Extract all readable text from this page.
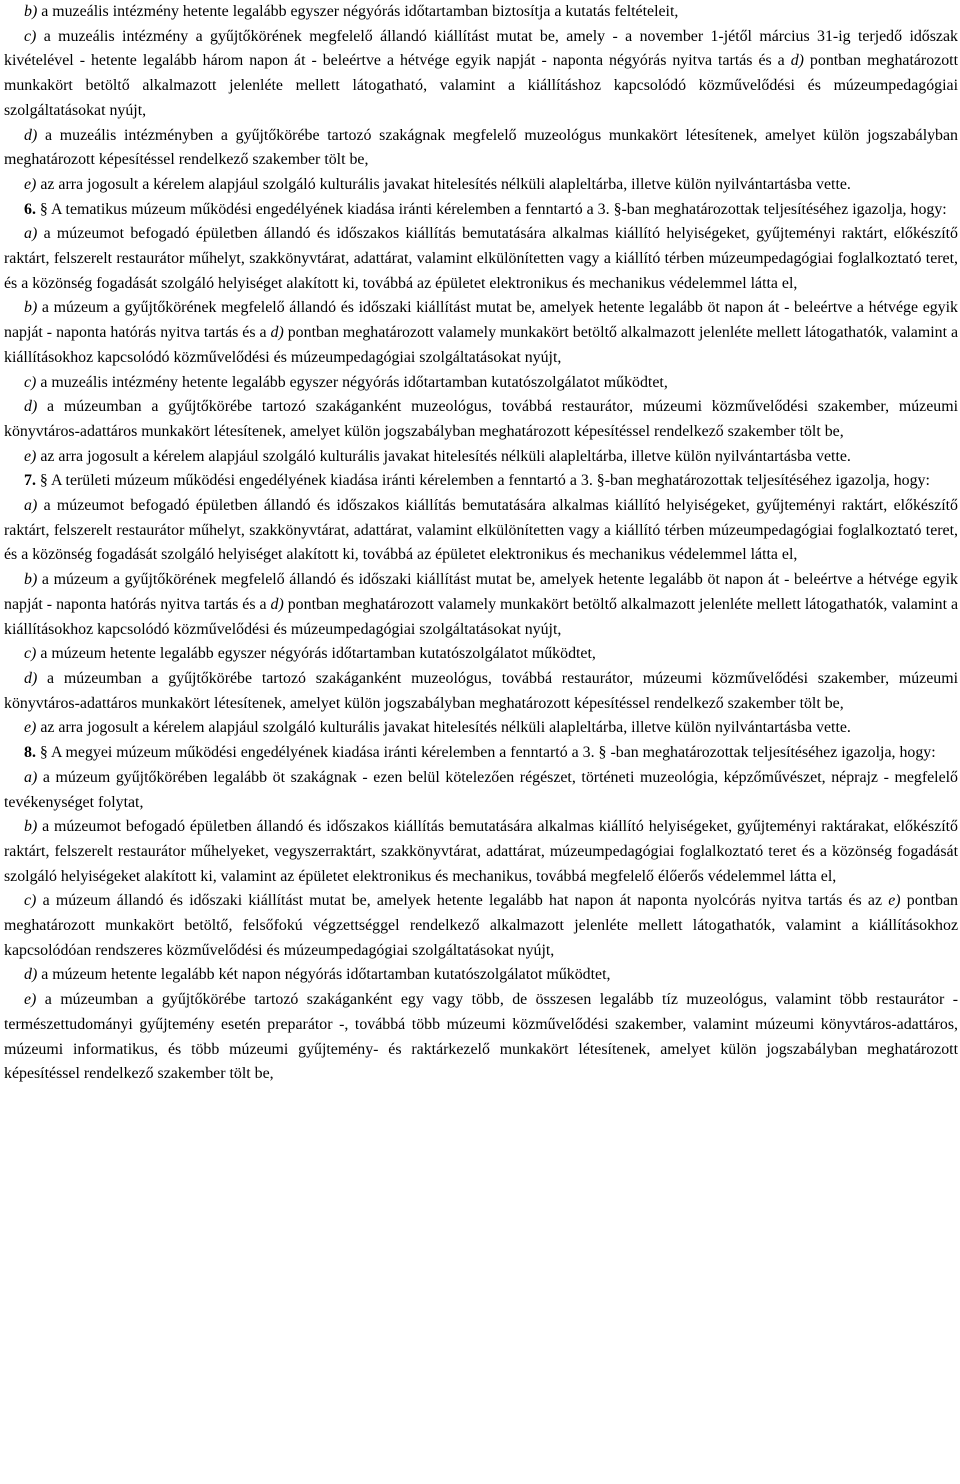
b) a muzeális intézmény hetente legalább egyszer négyórás időtartamban biztosítja a kutatás feltételeit,

c) a muzeális intézmény a gyűjtőkörének megfelelő állandó kiállítást mutat be, amely - a november 1-jétől március 31-ig terjedő időszak kivételével - hetente legalább három napon át - beleértve a hétvége egyik napját - naponta négyórás nyitva tartás és a d) pontban meghatározott munkakört betöltő alkalmazott jelenléte mellett látogatható, valamint a kiállításhoz kapcsolódó közművelődési és múzeumpedagógiai szolgáltatásokat nyújt,

d) a muzeális intézményben a gyűjtőkörébe tartozó szakágnak megfelelő muzeológus munkakört létesítenek, amelyet külön jogszabályban meghatározott képesítéssel rendelkező szakember tölt be,

e) az arra jogosult a kérelem alapjául szolgáló kulturális javakat hitelesítés nélküli alapleltárba, illetve külön nyilvántartásba vette.

6. § A tematikus múzeum működési engedélyének kiadása iránti kérelemben a fenntartó a 3. §-ban meghatározottak teljesítéséhez igazolja, hogy:

a) a múzeumot befogadó épületben állandó és időszakos kiállítás bemutatására alkalmas kiállító helyiségeket, gyűjteményi raktárt, előkészítő raktárt, felszerelt restaurátor műhelyt, szakkönyvtárat, adattárat, valamint elkülönítetten vagy a kiállító térben múzeumpedagógiai foglalkoztató teret, és a közönség fogadását szolgáló helyiséget alakított ki, továbbá az épületet elektronikus és mechanikus védelemmel látta el,

b) a múzeum a gyűjtőkörének megfelelő állandó és időszaki kiállítást mutat be, amelyek hetente legalább öt napon át - beleértve a hétvége egyik napját - naponta hatórás nyitva tartás és a d) pontban meghatározott valamely munkakört betöltő alkalmazott jelenléte mellett látogathatók, valamint a kiállításokhoz kapcsolódó közművelődési és múzeumpedagógiai szolgáltatásokat nyújt,

c) a muzeális intézmény hetente legalább egyszer négyórás időtartamban kutatószolgálatot működtet,

d) a múzeumban a gyűjtőkörébe tartozó szakáganként muzeológus, továbbá restaurátor, múzeumi közművelődési szakember, múzeumi könyvtáros-adattáros munkakört létesítenek, amelyet külön jogszabályban meghatározott képesítéssel rendelkező szakember tölt be,

e) az arra jogosult a kérelem alapjául szolgáló kulturális javakat hitelesítés nélküli alapleltárba, illetve külön nyilvántartásba vette.

7. § A területi múzeum működési engedélyének kiadása iránti kérelemben a fenntartó a 3. §-ban meghatározottak teljesítéséhez igazolja, hogy:

a) a múzeumot befogadó épületben állandó és időszakos kiállítás bemutatására alkalmas kiállító helyiségeket, gyűjteményi raktárt, előkészítő raktárt, felszerelt restaurátor műhelyt, szakkönyvtárat, adattárat, valamint elkülönítetten vagy a kiállító térben múzeumpedagógiai foglalkoztató teret, és a közönség fogadását szolgáló helyiséget alakított ki, továbbá az épületet elektronikus és mechanikus védelemmel látta el,

b) a múzeum a gyűjtőkörének megfelelő állandó és időszaki kiállítást mutat be, amelyek hetente legalább öt napon át - beleértve a hétvége egyik napját - naponta hatórás nyitva tartás és a d) pontban meghatározott valamely munkakört betöltő alkalmazott jelenléte mellett látogathatók, valamint a kiállításokhoz kapcsolódó közművelődési és múzeumpedagógiai szolgáltatásokat nyújt,

c) a múzeum hetente legalább egyszer négyórás időtartamban kutatószolgálatot működtet,

d) a múzeumban a gyűjtőkörébe tartozó szakáganként muzeológus, továbbá restaurátor, múzeumi közművelődési szakember, múzeumi könyvtáros-adattáros munkakört létesítenek, amelyet külön jogszabályban meghatározott képesítéssel rendelkező szakember tölt be,

e) az arra jogosult a kérelem alapjául szolgáló kulturális javakat hitelesítés nélküli alapleltárba, illetve külön nyilvántartásba vette.

8. § A megyei múzeum működési engedélyének kiadása iránti kérelemben a fenntartó a 3. § -ban meghatározottak teljesítéséhez igazolja, hogy:

a) a múzeum gyűjtőkörében legalább öt szakágnak - ezen belül kötelezően régészet, történeti muzeológia, képzőművészet, néprajz - megfelelő tevékenységet folytat,

b) a múzeumot befogadó épületben állandó és időszakos kiállítás bemutatására alkalmas kiállító helyiségeket, gyűjteményi raktárakat, előkészítő raktárt, felszerelt restaurátor műhelyeket, vegyszerraktárt, szakkönyvtárat, adattárat, múzeumpedagógiai foglalkoztató teret és a közönség fogadását szolgáló helyiségeket alakított ki, valamint az épületet elektronikus és mechanikus, továbbá megfelelő élőerős védelemmel látta el,

c) a múzeum állandó és időszaki kiállítást mutat be, amelyek hetente legalább hat napon át naponta nyolcórás nyitva tartás és az e) pontban meghatározott munkakört betöltő, felsőfokú végzettséggel rendelkező alkalmazott jelenléte mellett látogathatók, valamint a kiállításokhoz kapcsolódóan rendszeres közművelődési és múzeumpedagógiai szolgáltatásokat nyújt,

d) a múzeum hetente legalább két napon négyórás időtartamban kutatószolgálatot működtet,

e) a múzeumban a gyűjtőkörébe tartozó szakáganként egy vagy több, de összesen legalább tíz muzeológus, valamint több restaurátor - természettudományi gyűjtemény esetén preparátor -, továbbá több múzeumi közművelődési szakember, valamint múzeumi könyvtáros-adattáros, múzeumi informatikus, és több múzeumi gyűjtemény- és raktárkezelő munkakört létesítenek, amelyet külön jogszabályban meghatározott képesítéssel rendelkező szakember tölt be,
